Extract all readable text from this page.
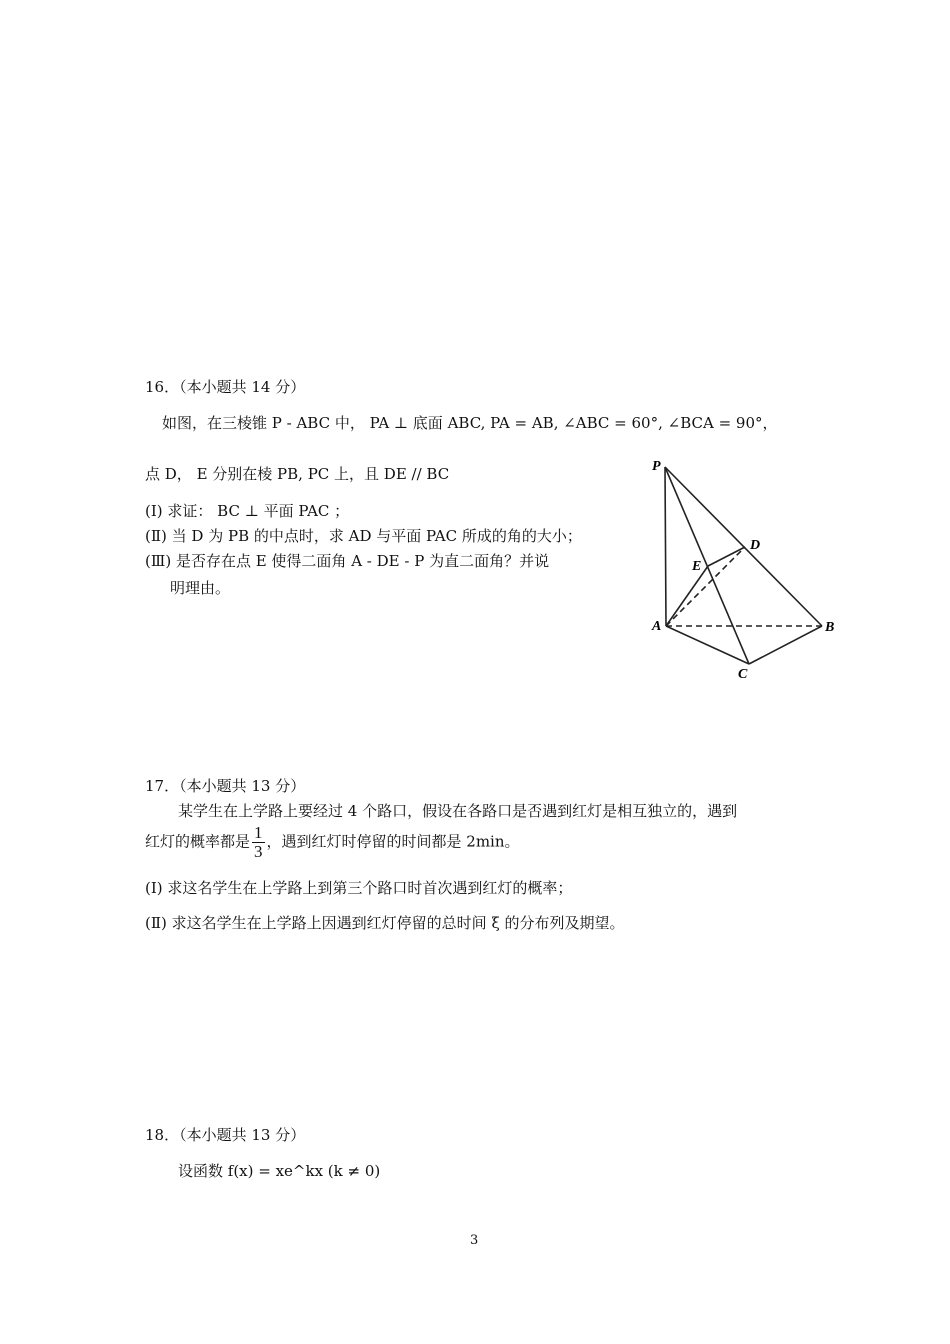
16．（本小题共 14 分）
如图，在三棱锥 P - ABC 中， PA ⊥ 底面 ABC, PA = AB, ∠ABC = 60°, ∠BCA = 90°，
点 D， E 分别在棱 PB, PC 上，且 DE // BC
(I) 求证： BC ⊥ 平面 PAC ；
(Ⅱ) 当 D 为 PB 的中点时，求 AD 与平面 PAC 所成的角的大小；
(Ⅲ) 是否存在点 E 使得二面角 A - DE - P 为直二面角？并说
明理由。
P
A	B
C
D
E
17．（本小题共 13 分）
某学生在上学路上要经过 4 个路口，假设在各路口是否遇到红灯是相互独立的，遇到
红灯的概率都是 $\frac{1}{3}$ ，遇到红灯时停留的时间都是 2min。
(Ⅰ) 求这名学生在上学路上到第三个路口时首次遇到红灯的概率；
(Ⅱ) 求这名学生在上学路上因遇到红灯停留的总时间 ξ 的分布列及期望。
18．（本小题共 13 分）
设函数 f(x) = xe^kx (k ≠ 0)
3
